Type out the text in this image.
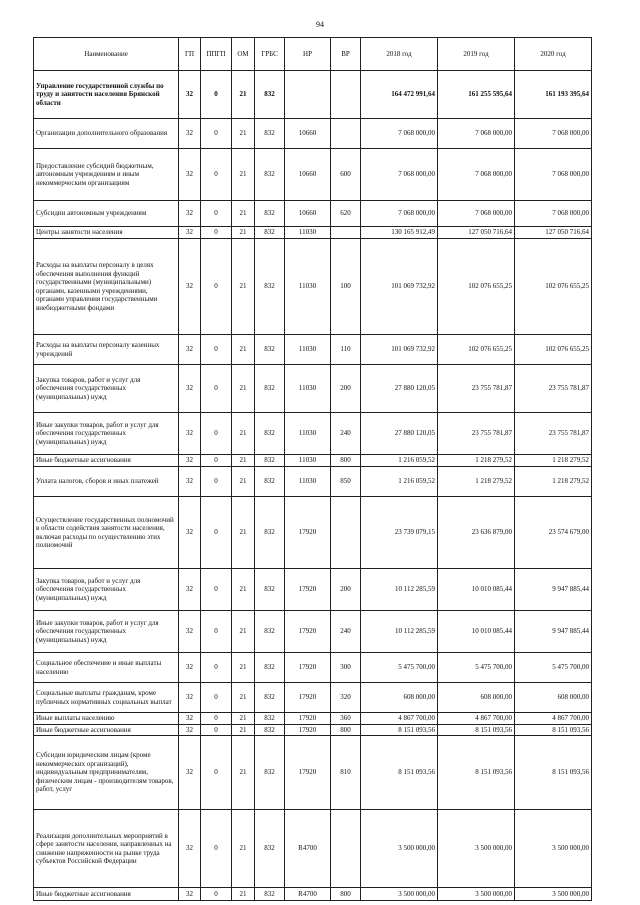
94
Наименование	ГП	ППГП	ОМ	ГРБС	НР	ВР	2018 год	2019 год	2020 год
Управление государственной службы по труду и занятости населения Брянской области	32	0	21	832			164 472 991,64	161 255 595,64	161 193 395,64
Организации дополнительного образования	32	0	21	832	10660		7 068 000,00	7 068 000,00	7 068 000,00
Предоставление субсидий бюджетным, автономным учреждениям и иным некоммерческим организациям	32	0	21	832	10660	600	7 068 000,00	7 068 000,00	7 068 000,00
Субсидии автономным учреждениям	32	0	21	832	10660	620	7 068 000,00	7 068 000,00	7 068 000,00
Центры занятости населения	32	0	21	832	11030		130 165 912,49	127 050 716,64	127 050 716,64
Расходы на выплаты персоналу в целях обеспечения выполнения функций государственными (муниципальными) органами, казенными учреждениями, органами управления государственными внебюджетными фондами	32	0	21	832	11030	100	101 069 732,92	102 076 655,25	102 076 655,25
Расходы на выплаты персоналу казенных учреждений	32	0	21	832	11030	110	101 069 732,92	102 076 655,25	102 076 655,25
Закупка товаров, работ и услуг для обеспечения государственных (муниципальных) нужд	32	0	21	832	11030	200	27 880 120,05	23 755 781,87	23 755 781,87
Иные закупки товаров, работ и услуг для обеспечения государственных (муниципальных) нужд	32	0	21	832	11030	240	27 880 120,05	23 755 781,87	23 755 781,87
Иные бюджетные ассигнования	32	0	21	832	11030	800	1 216 059,52	1 218 279,52	1 218 279,52
Уплата налогов, сборов и иных платежей	32	0	21	832	11030	850	1 216 059,52	1 218 279,52	1 218 279,52
Осуществление государственных полномочий в области содействия занятости населения, включая расходы по осуществлению этих полномочий	32	0	21	832	17920		23 739 079,15	23 636 879,00	23 574 679,00
Закупка товаров, работ и услуг для обеспечения государственных (муниципальных) нужд	32	0	21	832	17920	200	10 112 285,59	10 010 085,44	9 947 885,44
Иные закупки товаров, работ и услуг для обеспечения государственных (муниципальных) нужд	32	0	21	832	17920	240	10 112 285,59	10 010 085,44	9 947 885,44
Социальное обеспечение и иные выплаты населению	32	0	21	832	17920	300	5 475 700,00	5 475 700,00	5 475 700,00
Социальные выплаты гражданам, кроме публичных нормативных социальных выплат	32	0	21	832	17920	320	608 000,00	608 000,00	608 000,00
Иные выплаты населению	32	0	21	832	17920	360	4 867 700,00	4 867 700,00	4 867 700,00
Иные бюджетные ассигнования	32	0	21	832	17920	800	8 151 093,56	8 151 093,56	8 151 093,56
Субсидии юридическим лицам (кроме некоммерческих организаций), индивидуальным предпринимателям, физическим лицам - производителям товаров, работ, услуг	32	0	21	832	17920	810	8 151 093,56	8 151 093,56	8 151 093,56
Реализация дополнительных мероприятий в сфере занятости населения, направленных на снижение напряженности на рынке труда субъектов Российской Федерации	32	0	21	832	R4700		3 500 000,00	3 500 000,00	3 500 000,00
Иные бюджетные ассигнования	32	0	21	832	R4700	800	3 500 000,00	3 500 000,00	3 500 000,00
